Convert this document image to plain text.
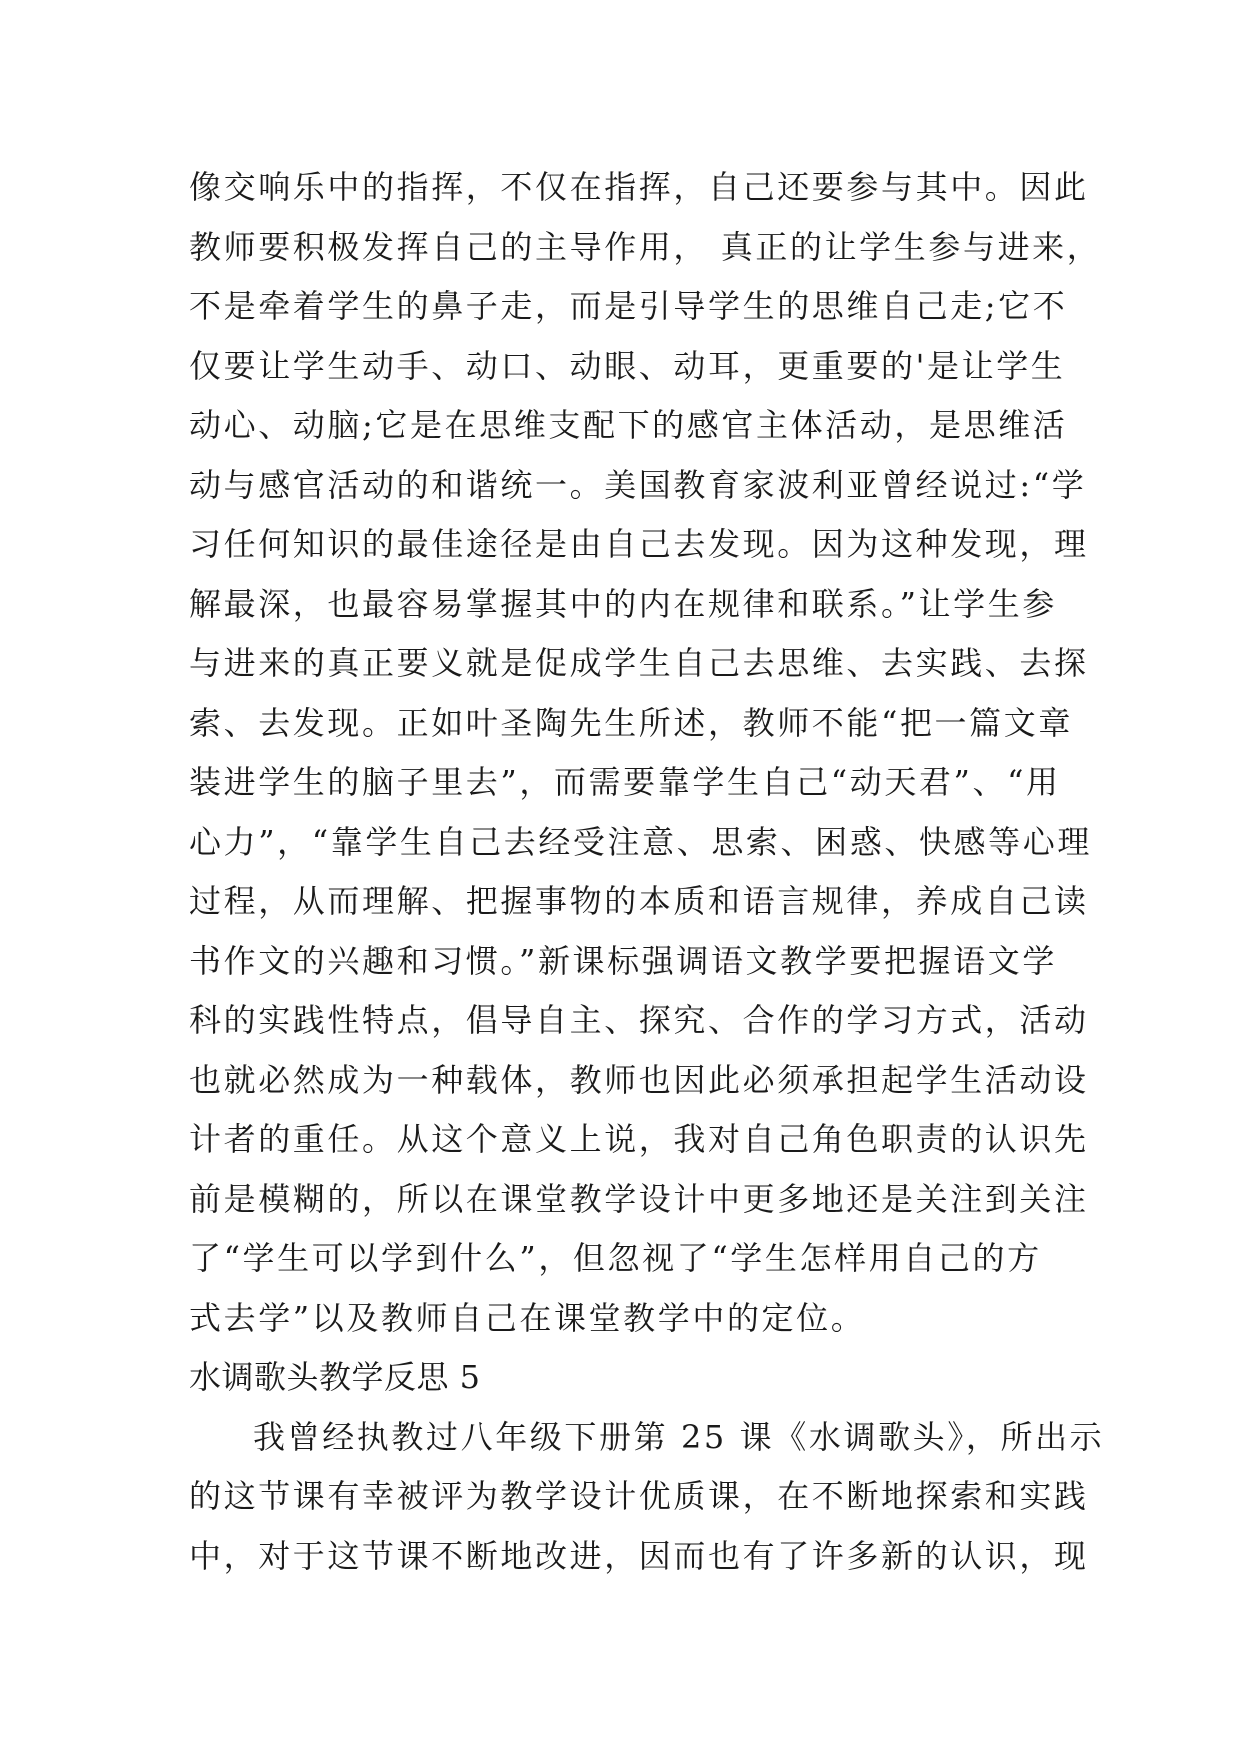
像交响乐中的指挥，不仅在指挥，自己还要参与其中。因此
教师要积极发挥自己的主导作用， 真正的让学生参与进来，
不是牵着学生的鼻子走，而是引导学生的思维自己走;它不
仅要让学生动手、动口、动眼、动耳，更重要的'是让学生
动心、动脑;它是在思维支配下的感官主体活动，是思维活
动与感官活动的和谐统一。美国教育家波利亚曾经说过:“学
习任何知识的最佳途径是由自己去发现。因为这种发现，理
解最深，也最容易掌握其中的内在规律和联系。”让学生参
与进来的真正要义就是促成学生自己去思维、去实践、去探
索、去发现。正如叶圣陶先生所述，教师不能“把一篇文章
装进学生的脑子里去”，而需要靠学生自己“动天君”、“用
心力”，“靠学生自己去经受注意、思索、困惑、快感等心理
过程，从而理解、把握事物的本质和语言规律，养成自己读
书作文的兴趣和习惯。”新课标强调语文教学要把握语文学
科的实践性特点，倡导自主、探究、合作的学习方式，活动
也就必然成为一种载体，教师也因此必须承担起学生活动设
计者的重任。从这个意义上说，我对自己角色职责的认识先
前是模糊的，所以在课堂教学设计中更多地还是关注到关注
了“学生可以学到什么”，但忽视了“学生怎样用自己的方
式去学”以及教师自己在课堂教学中的定位。
水调歌头教学反思 5
我曾经执教过八年级下册第 25 课《水调歌头》，所出示
的这节课有幸被评为教学设计优质课，在不断地探索和实践
中，对于这节课不断地改进，因而也有了许多新的认识，现
